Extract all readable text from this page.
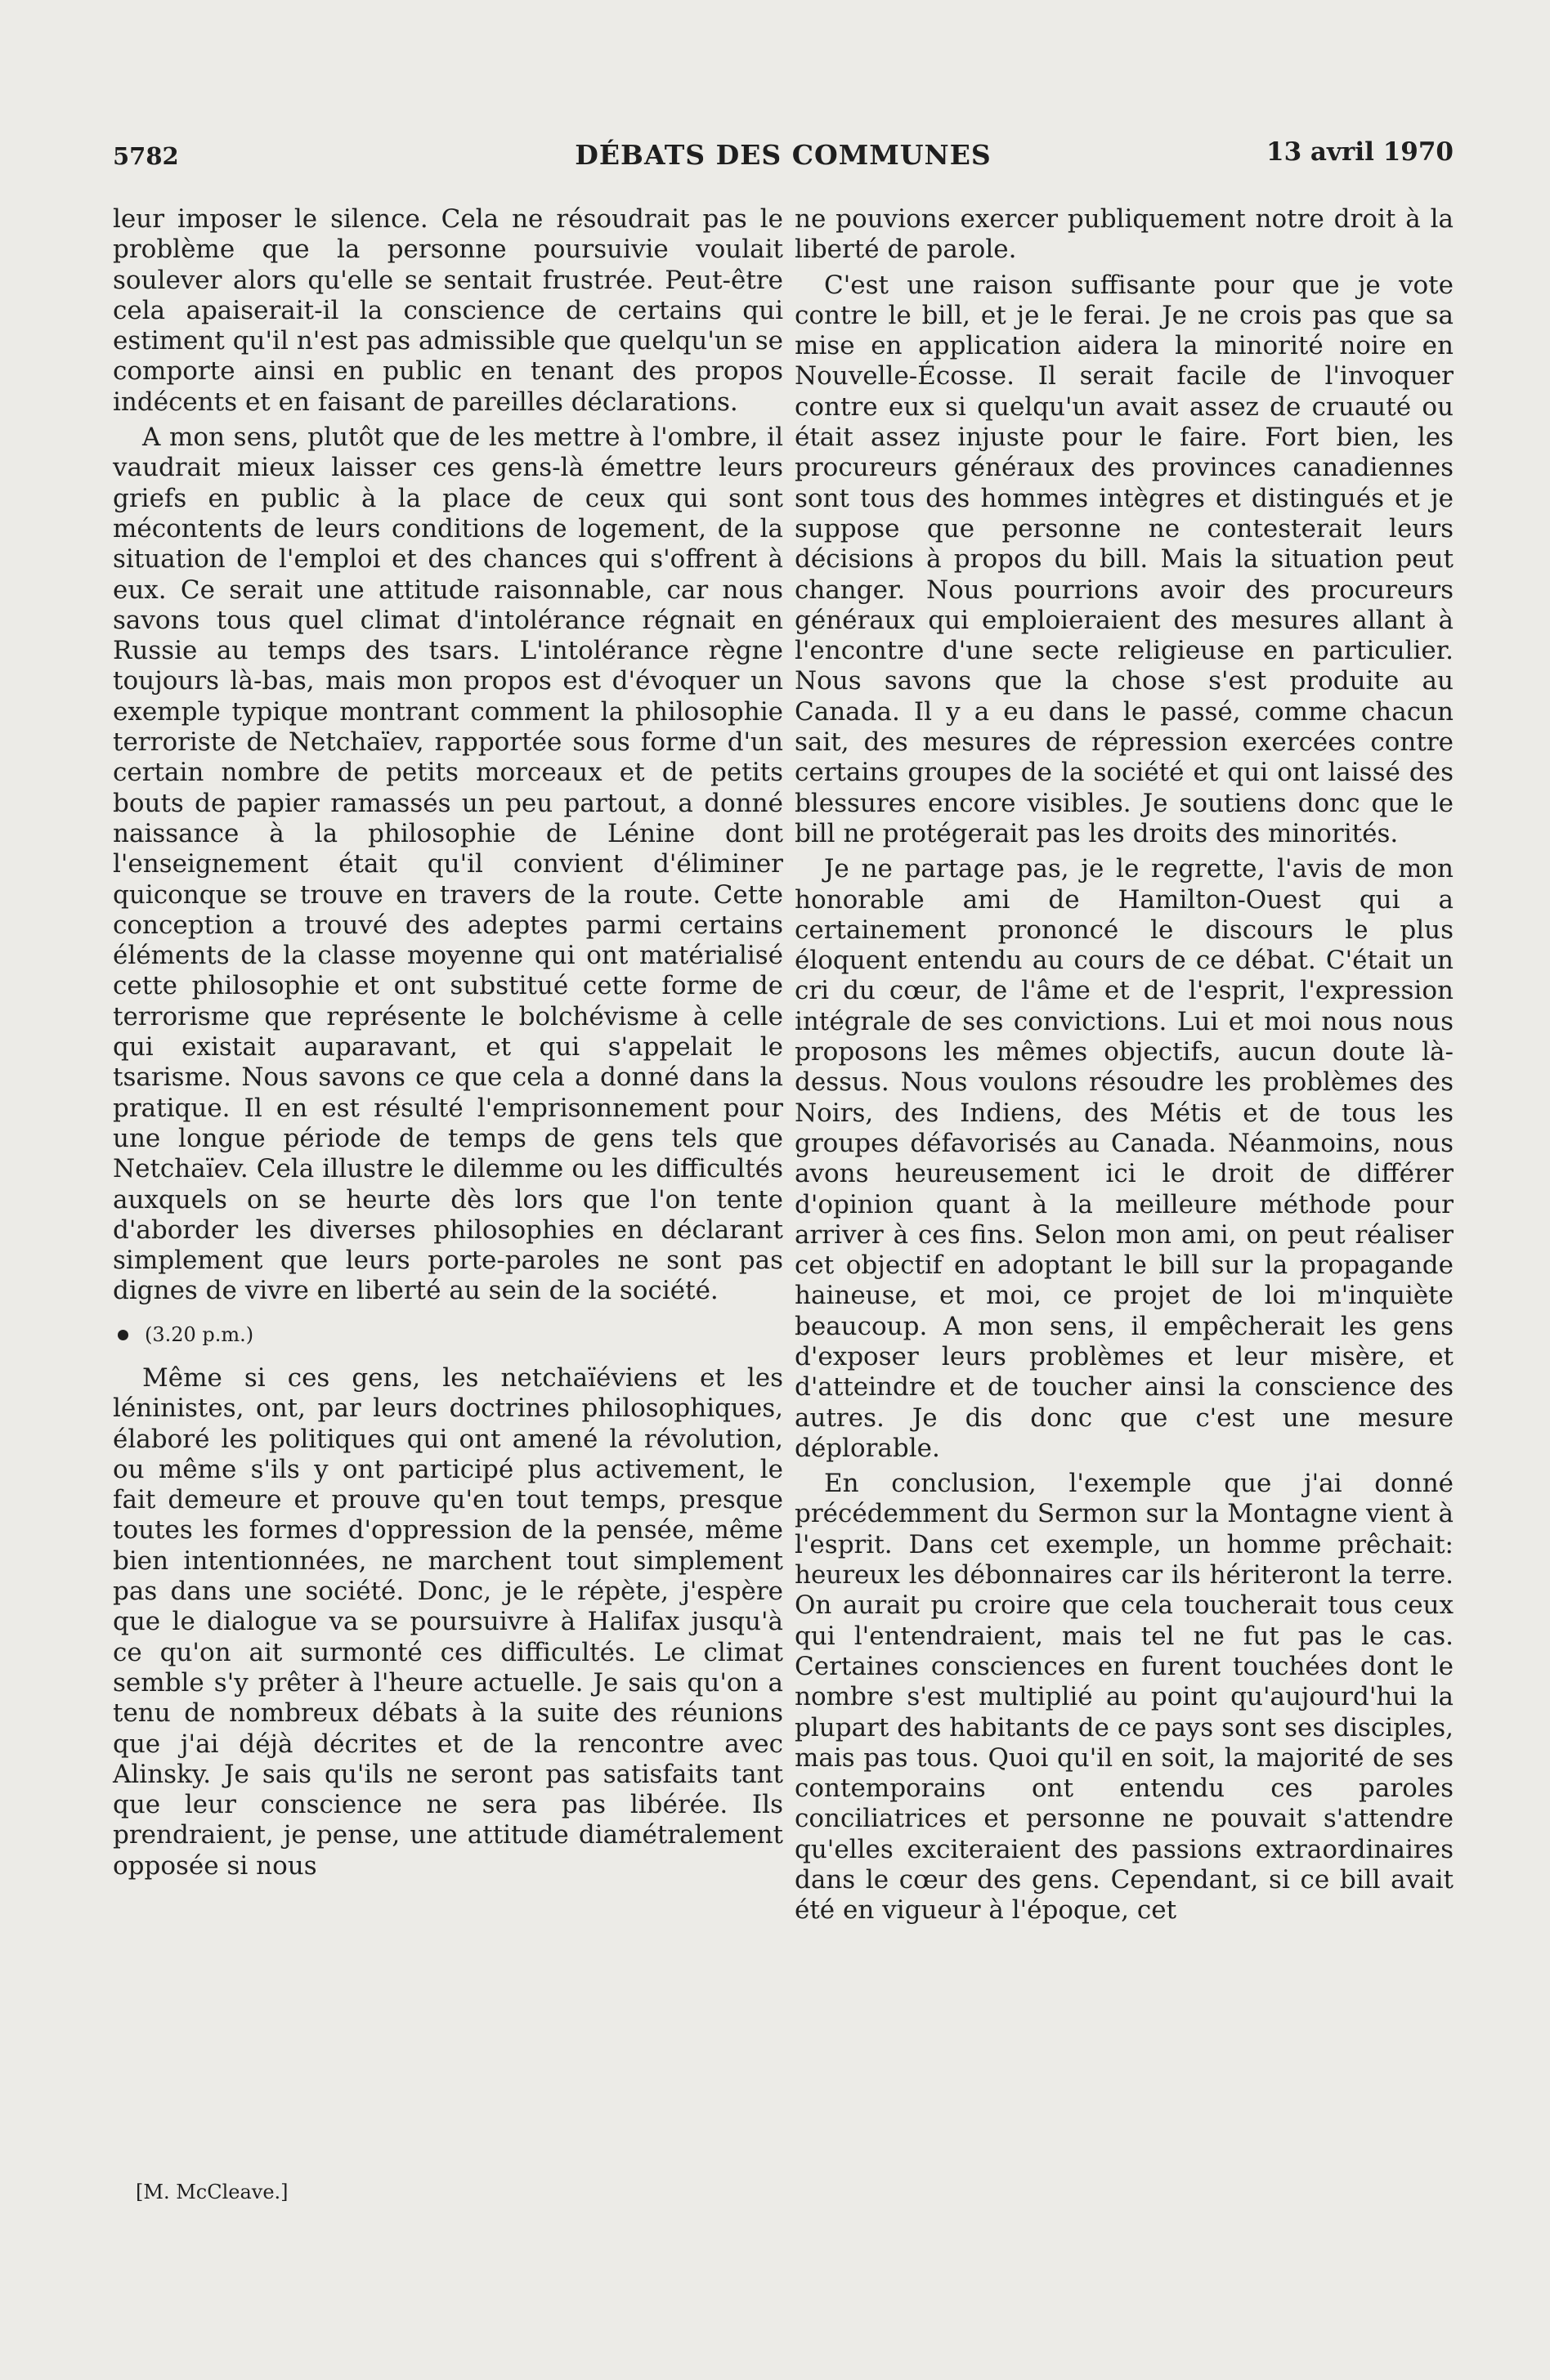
5782	DÉBATS DES COMMUNES	13 avril 1970

leur imposer le silence. Cela ne résoudrait pas le problème que la personne poursuivie voulait soulever alors qu'elle se sentait frustrée. Peut-être cela apaiserait-il la conscience de certains qui estiment qu'il n'est pas admissible que quelqu'un se comporte ainsi en public en tenant des propos indécents et en faisant de pareilles déclarations.

A mon sens, plutôt que de les mettre à l'ombre, il vaudrait mieux laisser ces gens-là émettre leurs griefs en public à la place de ceux qui sont mécontents de leurs conditions de logement, de la situation de l'emploi et des chances qui s'offrent à eux. Ce serait une attitude raisonnable, car nous savons tous quel climat d'intolérance régnait en Russie au temps des tsars. L'intolérance règne toujours là-bas, mais mon propos est d'évoquer un exemple typique montrant comment la philosophie terroriste de Netchaïev, rapportée sous forme d'un certain nombre de petits morceaux et de petits bouts de papier ramassés un peu partout, a donné naissance à la philosophie de Lénine dont l'enseignement était qu'il convient d'éliminer quiconque se trouve en travers de la route. Cette conception a trouvé des adeptes parmi certains éléments de la classe moyenne qui ont matérialisé cette philosophie et ont substitué cette forme de terrorisme que représente le bolchévisme à celle qui existait auparavant, et qui s'appelait le tsarisme. Nous savons ce que cela a donné dans la pratique. Il en est résulté l'emprisonnement pour une longue période de temps de gens tels que Netchaïev. Cela illustre le dilemme ou les difficultés auxquels on se heurte dès lors que l'on tente d'aborder les diverses philosophies en déclarant simplement que leurs porte-paroles ne sont pas dignes de vivre en liberté au sein de la société.

(3.20 p.m.)

Même si ces gens, les netchaïéviens et les léninistes, ont, par leurs doctrines philosophiques, élaboré les politiques qui ont amené la révolution, ou même s'ils y ont participé plus activement, le fait demeure et prouve qu'en tout temps, presque toutes les formes d'oppression de la pensée, même bien intentionnées, ne marchent tout simplement pas dans une société. Donc, je le répète, j'espère que le dialogue va se poursuivre à Halifax jusqu'à ce qu'on ait surmonté ces difficultés. Le climat semble s'y prêter à l'heure actuelle. Je sais qu'on a tenu de nombreux débats à la suite des réunions que j'ai déjà décrites et de la rencontre avec Alinsky. Je sais qu'ils ne seront pas satisfaits tant que leur conscience ne sera pas libérée. Ils prendraient, je pense, une attitude diamétralement opposée si nous

[M. McCleave.]

ne pouvions exercer publiquement notre droit à la liberté de parole.

C'est une raison suffisante pour que je vote contre le bill, et je le ferai. Je ne crois pas que sa mise en application aidera la minorité noire en Nouvelle-Écosse. Il serait facile de l'invoquer contre eux si quelqu'un avait assez de cruauté ou était assez injuste pour le faire. Fort bien, les procureurs généraux des provinces canadiennes sont tous des hommes intègres et distingués et je suppose que personne ne contesterait leurs décisions à propos du bill. Mais la situation peut changer. Nous pourrions avoir des procureurs généraux qui emploieraient des mesures allant à l'encontre d'une secte religieuse en particulier. Nous savons que la chose s'est produite au Canada. Il y a eu dans le passé, comme chacun sait, des mesures de répression exercées contre certains groupes de la société et qui ont laissé des blessures encore visibles. Je soutiens donc que le bill ne protégerait pas les droits des minorités.

Je ne partage pas, je le regrette, l'avis de mon honorable ami de Hamilton-Ouest qui a certainement prononcé le discours le plus éloquent entendu au cours de ce débat. C'était un cri du cœur, de l'âme et de l'esprit, l'expression intégrale de ses convictions. Lui et moi nous nous proposons les mêmes objectifs, aucun doute là-dessus. Nous voulons résoudre les problèmes des Noirs, des Indiens, des Métis et de tous les groupes défavorisés au Canada. Néanmoins, nous avons heureusement ici le droit de différer d'opinion quant à la meilleure méthode pour arriver à ces fins. Selon mon ami, on peut réaliser cet objectif en adoptant le bill sur la propagande haineuse, et moi, ce projet de loi m'inquiète beaucoup. A mon sens, il empêcherait les gens d'exposer leurs problèmes et leur misère, et d'atteindre et de toucher ainsi la conscience des autres. Je dis donc que c'est une mesure déplorable.

En conclusion, l'exemple que j'ai donné précédemment du Sermon sur la Montagne vient à l'esprit. Dans cet exemple, un homme prêchait: heureux les débonnaires car ils hériteront la terre. On aurait pu croire que cela toucherait tous ceux qui l'entendraient, mais tel ne fut pas le cas. Certaines consciences en furent touchées dont le nombre s'est multiplié au point qu'aujourd'hui la plupart des habitants de ce pays sont ses disciples, mais pas tous. Quoi qu'il en soit, la majorité de ses contemporains ont entendu ces paroles conciliatrices et personne ne pouvait s'attendre qu'elles exciteraient des passions extraordinaires dans le cœur des gens. Cependant, si ce bill avait été en vigueur à l'époque, cet
